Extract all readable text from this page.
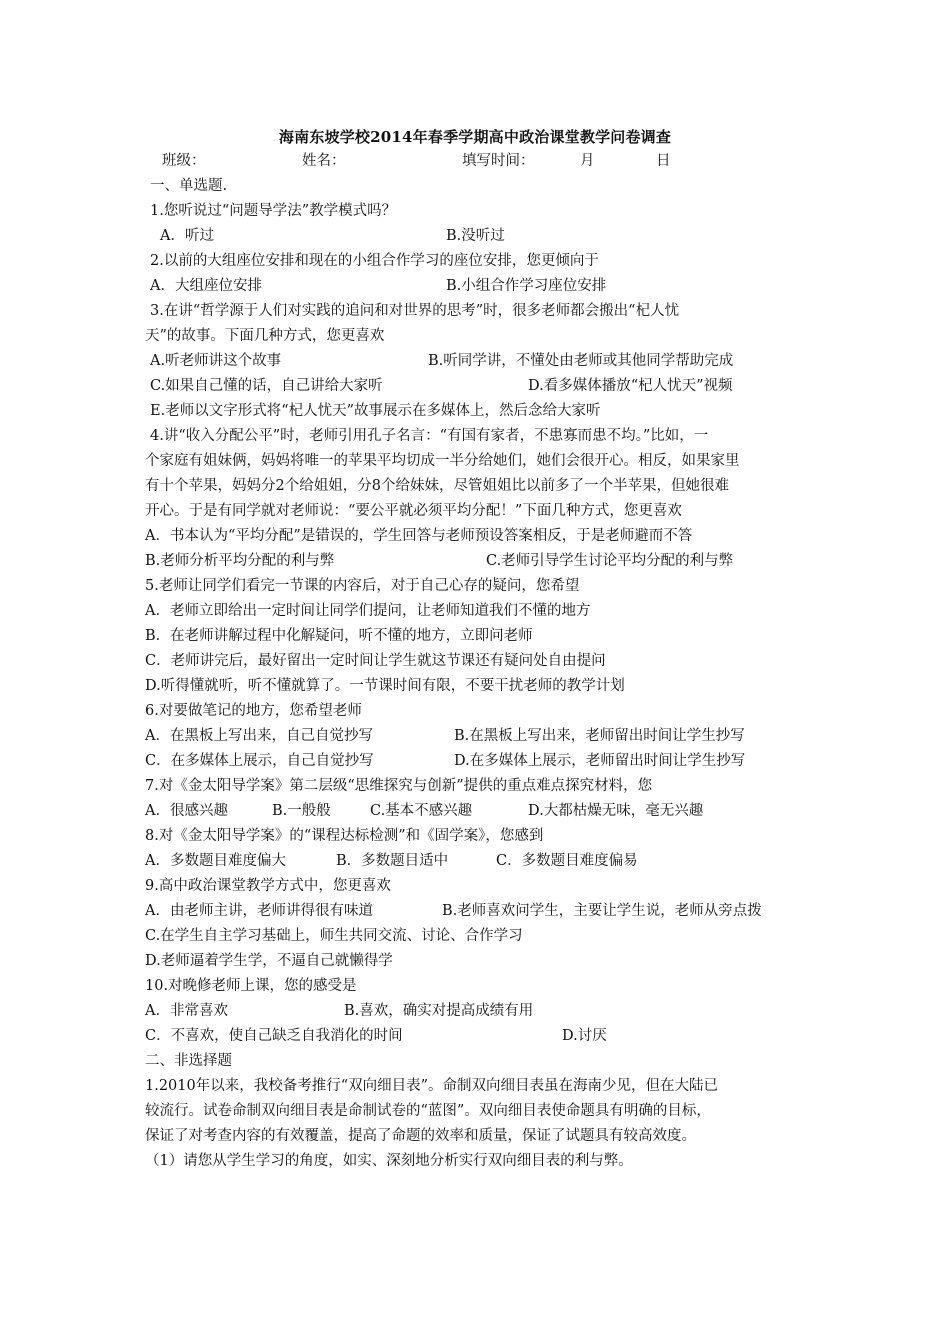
海南东坡学校2014年春季学期高中政治课堂教学问卷调查
班级：	姓名：	填写时间：	月	日
一、单选题.
1.您听说过“问题导学法”教学模式吗？
A．听过	B.没听过
2.以前的大组座位安排和现在的小组合作学习的座位安排，您更倾向于
A．大组座位安排	B.小组合作学习座位安排
3.在讲“哲学源于人们对实践的追问和对世界的思考”时，很多老师都会搬出“杞人忧
天”的故事。下面几种方式，您更喜欢
A.听老师讲这个故事	B.听同学讲，不懂处由老师或其他同学帮助完成
C.如果自己懂的话，自己讲给大家听	D.看多媒体播放“杞人忧天”视频
E.老师以文字形式将“杞人忧天”故事展示在多媒体上，然后念给大家听
4.讲“收入分配公平”时，老师引用孔子名言：“有国有家者，不患寡而患不均。”比如，一
个家庭有姐妹俩，妈妈将唯一的苹果平均切成一半分给她们，她们会很开心。相反，如果家里
有十个苹果，妈妈分2个给姐姐，分8个给妹妹，尽管姐姐比以前多了一个半苹果，但她很难
开心。于是有同学就对老师说：“要公平就必须平均分配！”下面几种方式，您更喜欢
A．书本认为“平均分配”是错误的，学生回答与老师预设答案相反，于是老师避而不答
B.老师分析平均分配的利与弊	C.老师引导学生讨论平均分配的利与弊
5.老师让同学们看完一节课的内容后，对于自己心存的疑问，您希望
A．老师立即给出一定时间让同学们提问，让老师知道我们不懂的地方
B．在老师讲解过程中化解疑问，听不懂的地方，立即问老师
C．老师讲完后，最好留出一定时间让学生就这节课还有疑问处自由提问
D.听得懂就听，听不懂就算了。一节课时间有限，不要干扰老师的教学计划
6.对要做笔记的地方，您希望老师
A．在黑板上写出来，自己自觉抄写	B.在黑板上写出来，老师留出时间让学生抄写
C．在多媒体上展示，自己自觉抄写	D.在多媒体上展示，老师留出时间让学生抄写
7.对《金太阳导学案》第二层级“思维探究与创新”提供的重点难点探究材料，您
A．很感兴趣	B.一般般	C.基本不感兴趣	D.大都枯燥无味，毫无兴趣
8.对《金太阳导学案》的“课程达标检测”和《固学案》，您感到
A．多数题目难度偏大	B．多数题目适中	C．多数题目难度偏易
9.高中政治课堂教学方式中，您更喜欢
A．由老师主讲，老师讲得很有味道	B.老师喜欢问学生，主要让学生说，老师从旁点拨
C.在学生自主学习基础上，师生共同交流、讨论、合作学习
D.老师逼着学生学，不逼自己就懒得学
10.对晚修老师上课，您的感受是
A．非常喜欢	B.喜欢，确实对提高成绩有用
C．不喜欢，使自己缺乏自我消化的时间	D.讨厌
二、非选择题
1.2010年以来，我校备考推行“双向细目表”。命制双向细目表虽在海南少见，但在大陆已
较流行。试卷命制双向细目表是命制试卷的“蓝图”。双向细目表使命题具有明确的目标，
保证了对考查内容的有效覆盖，提高了命题的效率和质量，保证了试题具有较高效度。
（1）请您从学生学习的角度，如实、深刻地分析实行双向细目表的利与弊。
